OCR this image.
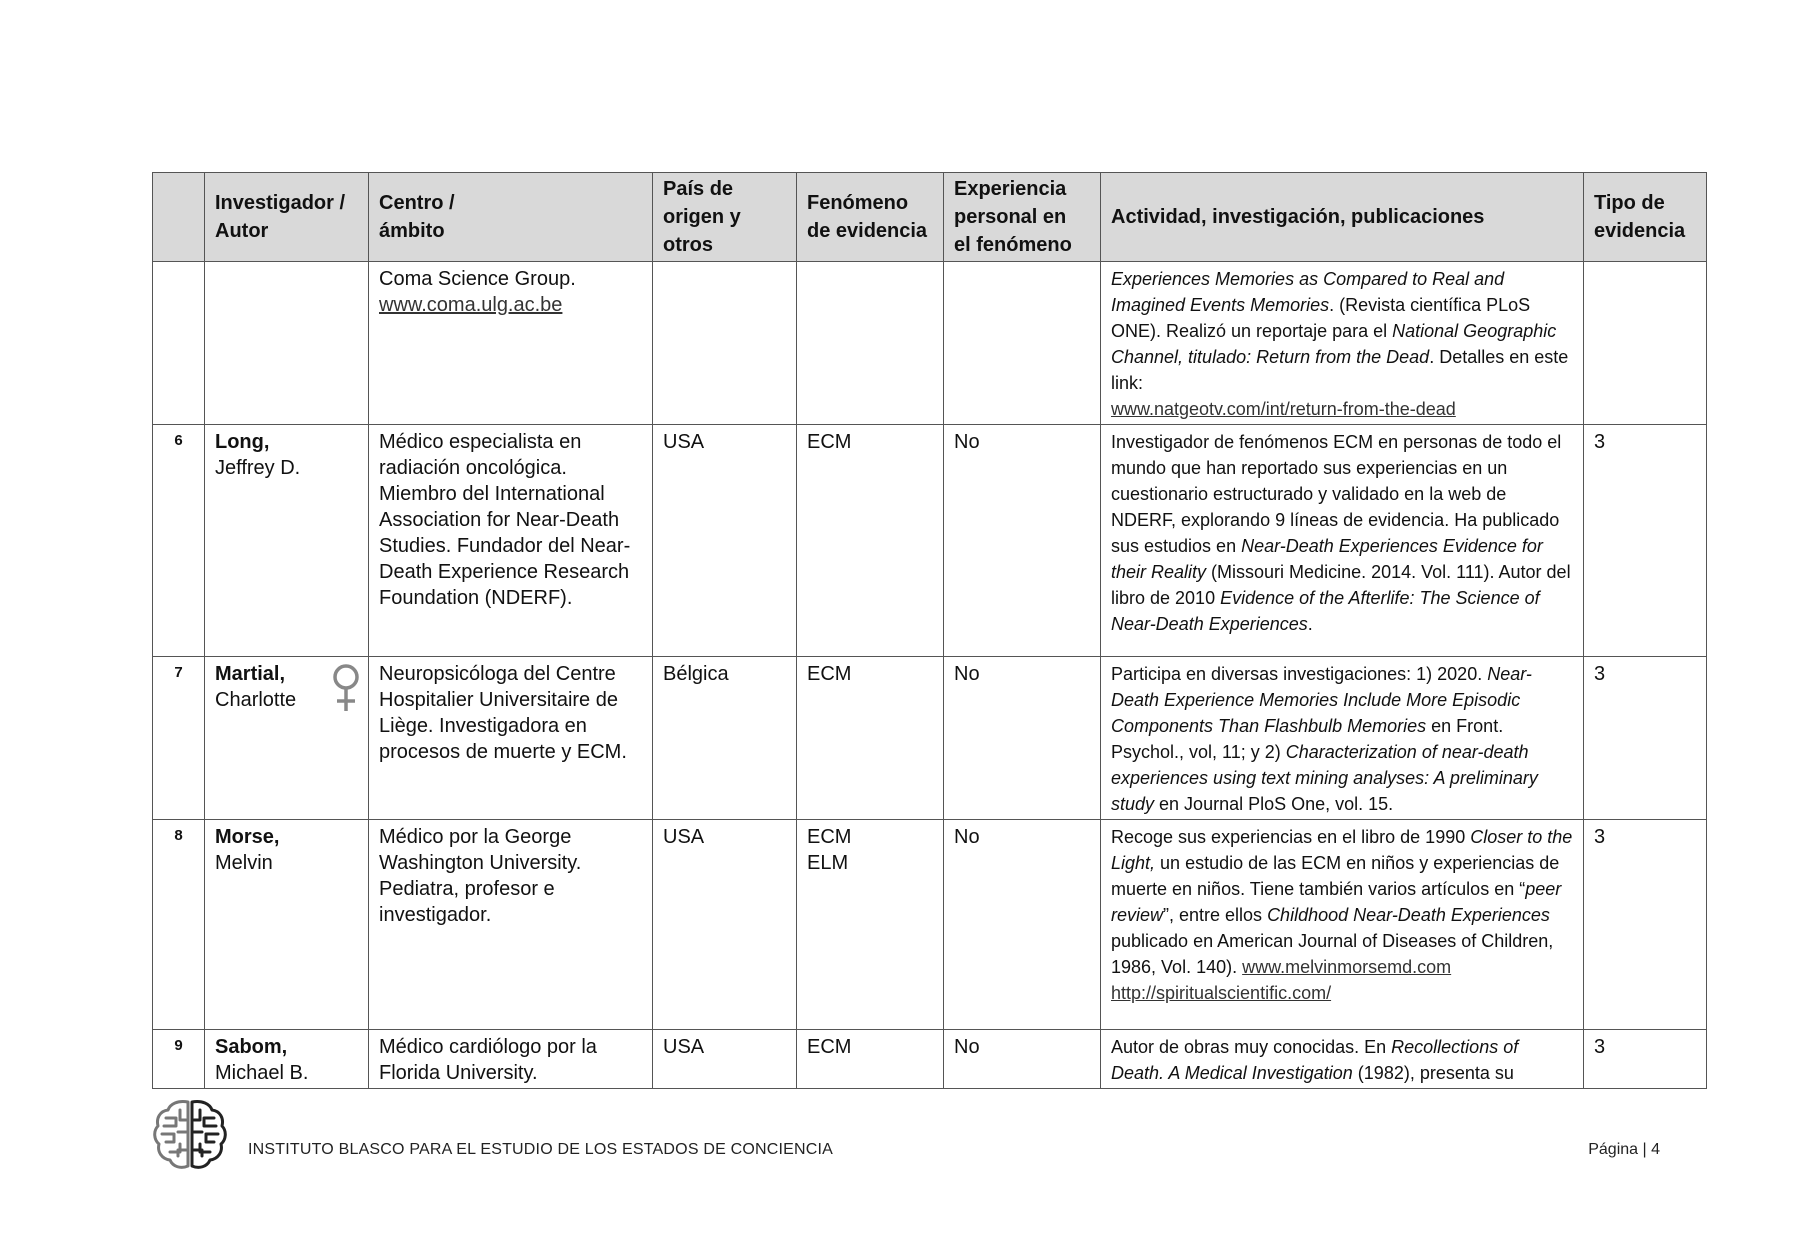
	Investigador /
Autor	Centro /
ámbito	País de
origen y
otros	Fenómeno
de evidencia	Experiencia
personal en
el fenómeno	Actividad, investigación, publicaciones	Tipo de
evidencia

		Coma Science Group.
www.coma.ulg.ac.be				Experiences Memories as Compared to Real and Imagined Events Memories. (Revista científica PLoS ONE). Realizó un reportaje para el National Geographic Channel, titulado: Return from the Dead. Detalles en este link:
www.natgeotv.com/int/return-from-the-dead	

6	Long,
Jeffrey D.	Médico especialista en radiación oncológica. Miembro del International Association for Near-Death Studies. Fundador del Near-Death Experience Research Foundation (NDERF).	USA	ECM	No	Investigador de fenómenos ECM en personas de todo el mundo que han reportado sus experiencias en un cuestionario estructurado y validado en la web de NDERF, explorando 9 líneas de evidencia. Ha publicado sus estudios en Near-Death Experiences Evidence for their Reality (Missouri Medicine. 2014. Vol. 111). Autor del libro de 2010 Evidence of the Afterlife: The Science of Near-Death Experiences.	3
7	Martial,
Charlotte	Neuropsicóloga del Centre Hospitalier Universitaire de Liège. Investigadora en procesos de muerte y ECM.	Bélgica	ECM	No	Participa en diversas investigaciones: 1) 2020. Near-Death Experience Memories Include More Episodic Components Than Flashbulb Memories en Front. Psychol., vol, 11; y 2) Characterization of near-death experiences using text mining analyses: A preliminary study en Journal PloS One, vol. 15.	3
8	Morse,
Melvin	Médico por la George Washington University. Pediatra, profesor e investigador.	USA	ECM
ELM	No	Recoge sus experiencias en el libro de 1990 Closer to the Light, un estudio de las ECM en niños y experiencias de muerte en niños. Tiene también varios artículos en “peer review”, entre ellos Childhood Near-Death Experiences publicado en American Journal of Diseases of Children, 1986, Vol. 140). www.melvinmorsemd.com
http://spiritualscientific.com/	3
9	Sabom,
Michael B.	Médico cardiólogo por la Florida University.	USA	ECM	No	Autor de obras muy conocidas. En Recollections of Death. A Medical Investigation (1982), presenta su	3
INSTITUTO BLASCO PARA EL ESTUDIO DE LOS ESTADOS DE CONCIENCIA	Página | 4
